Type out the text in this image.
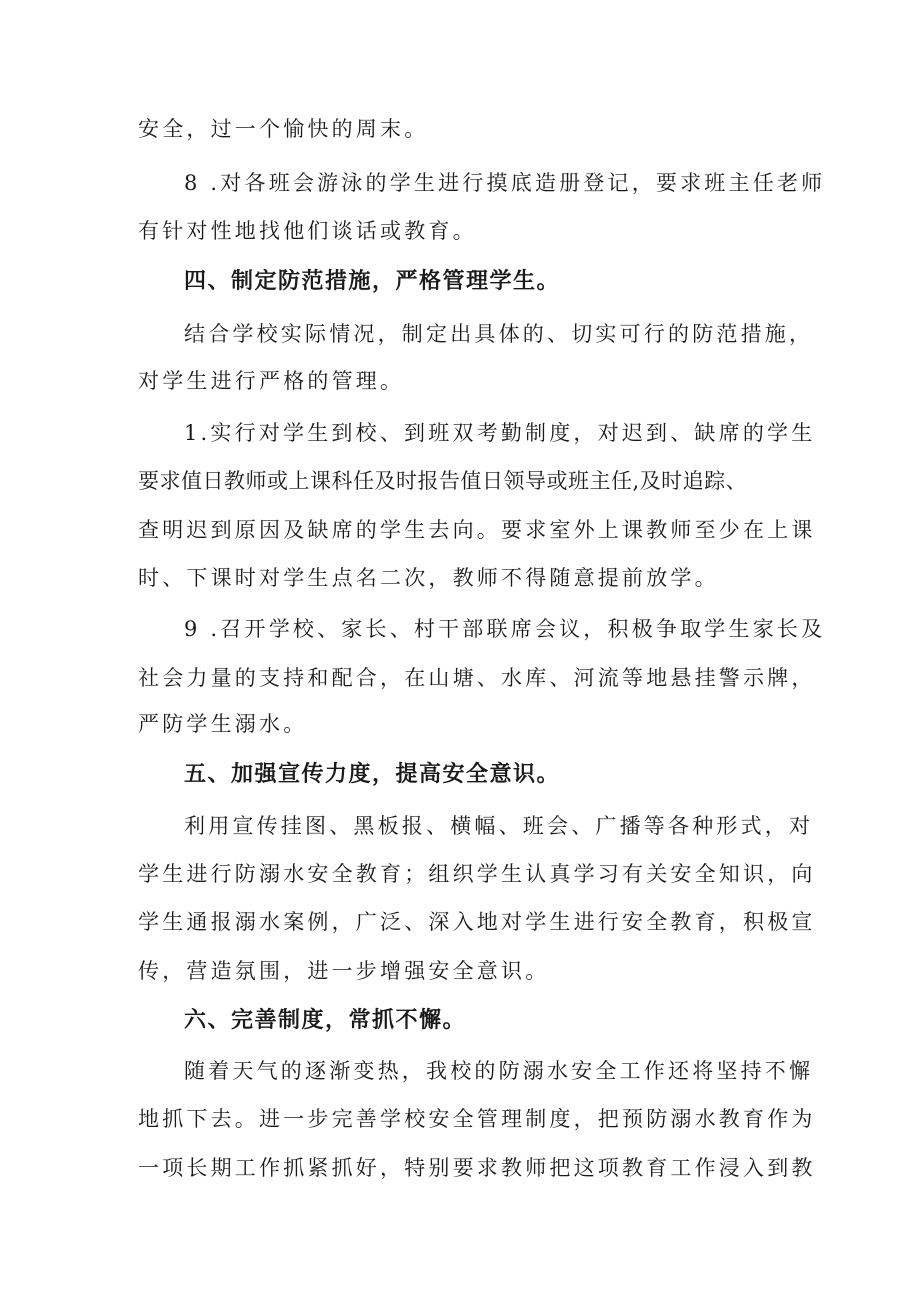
安全，过一个愉快的周末。
8 .对各班会游泳的学生进行摸底造册登记，要求班主任老师
有针对性地找他们谈话或教育。
四、制定防范措施，严格管理学生。
结合学校实际情况，制定出具体的、切实可行的防范措施，
对学生进行严格的管理。
1.实行对学生到校、到班双考勤制度，对迟到、缺席的学生
要求值日教师或上课科任及时报告值日领导或班主任,及时追踪、
查明迟到原因及缺席的学生去向。要求室外上课教师至少在上课
时、下课时对学生点名二次，教师不得随意提前放学。
9 .召开学校、家长、村干部联席会议，积极争取学生家长及
社会力量的支持和配合，在山塘、水库、河流等地悬挂警示牌，
严防学生溺水。
五、加强宣传力度，提高安全意识。
利用宣传挂图、黑板报、横幅、班会、广播等各种形式，对
学生进行防溺水安全教育；组织学生认真学习有关安全知识，向
学生通报溺水案例，广泛、深入地对学生进行安全教育，积极宣
传，营造氛围，进一步增强安全意识。
六、完善制度，常抓不懈。
随着天气的逐渐变热，我校的防溺水安全工作还将坚持不懈
地抓下去。进一步完善学校安全管理制度，把预防溺水教育作为
一项长期工作抓紧抓好，特别要求教师把这项教育工作浸入到教
